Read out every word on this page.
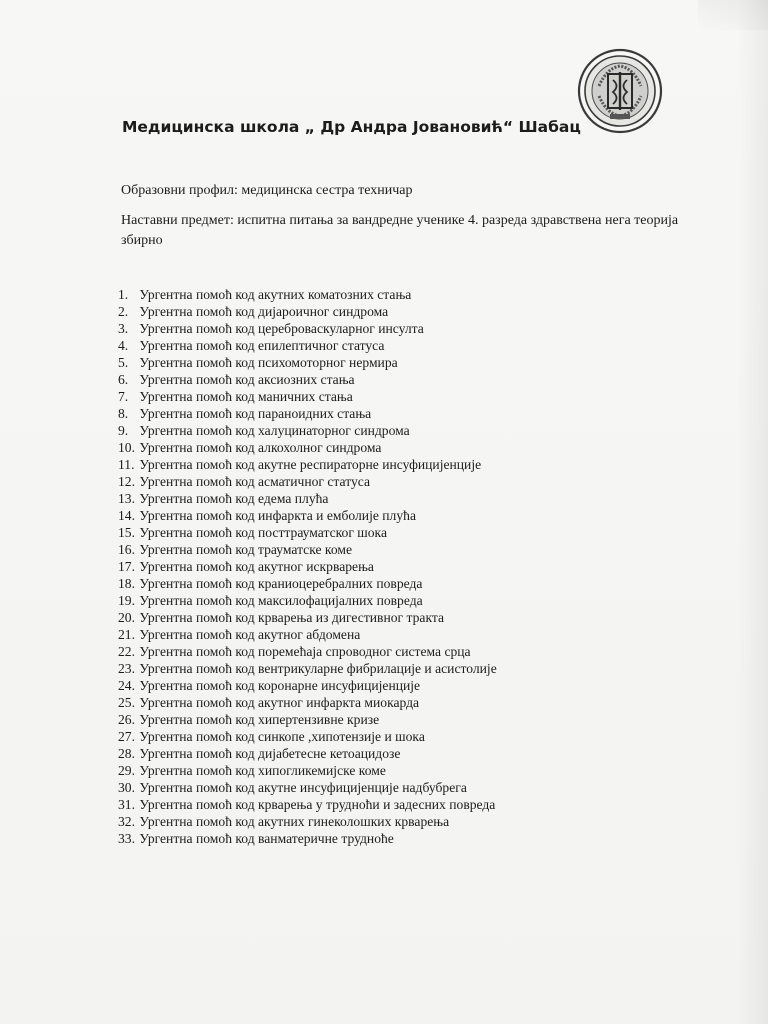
Медицинска школа „ Др Андра Јовановић“ Шабац
Образовни профил: медицинска сестра техничар
Наставни предмет: испитна питања за вандредне ученике 4. разреда здравствена нега теорија збирно
1. Ургентна помоћ код акутних коматозних стања
2. Ургентна помоћ код дијароичног синдрома
3. Ургентна помоћ код цереброваскуларног инсулта
4. Ургентна помоћ код епилептичног статуса
5. Ургентна помоћ код психомоторног нермира
6. Ургентна помоћ код аксиозних стања
7. Ургентна помоћ код маничних стања
8. Ургентна помоћ код параноидних стања
9. Ургентна помоћ код халуцинаторног синдрома
10. Ургентна помоћ код алкохолног синдрома
11. Ургентна помоћ код акутне респираторне инсуфицијенције
12. Ургентна помоћ код асматичног статуса
13. Ургентна помоћ код едема плућа
14. Ургентна помоћ код инфаркта и емболије плућа
15. Ургентна помоћ код посттрауматског шока
16. Ургентна помоћ код трауматске коме
17. Ургентна помоћ код акутног искрварења
18. Ургентна помоћ код краниоцеребралних повреда
19. Ургентна помоћ код максилофацијалних повреда
20. Ургентна помоћ код крварења из дигестивног тракта
21. Ургентна помоћ код акутног абдомена
22. Ургентна помоћ код поремећаја спроводног система срца
23. Ургентна помоћ код вентрикуларне фибрилације и асистолије
24. Ургентна помоћ код коронарне инсуфицијенције
25. Ургентна помоћ код акутног инфаркта миокарда
26. Ургентна помоћ код хипертензивне кризе
27. Ургентна помоћ код синкопе ,хипотензије и шока
28. Ургентна помоћ код дијабетесне кетоацидозе
29. Ургентна помоћ код хипогликемијске коме
30. Ургентна помоћ код акутне инсуфицијенције надбубрега
31. Ургентна помоћ код крварења у трудноћи и задесних повреда
32. Ургентна помоћ код акутних гинеколошких крварења
33. Ургентна помоћ код ванматеричне трудноће
